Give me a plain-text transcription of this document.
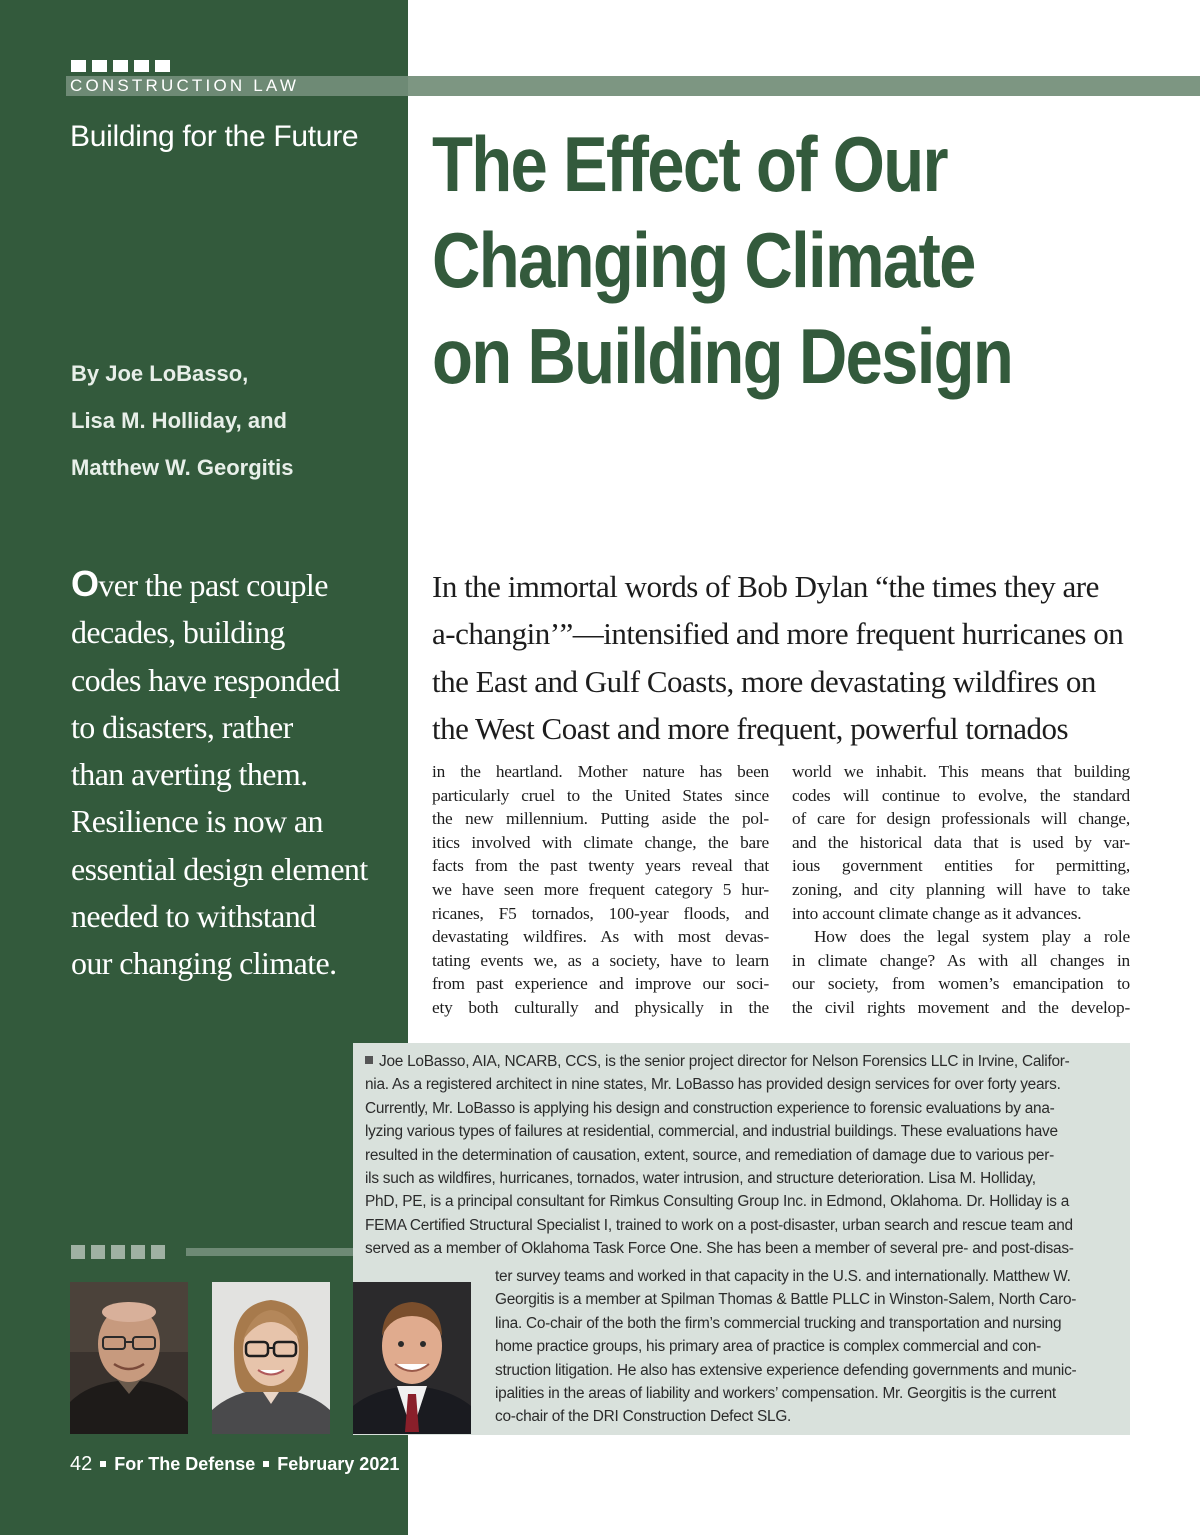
CONSTRUCTION LAW
Building for the Future The Effect of Our
Changing Climate
on Building Design
By Joe LoBasso,
Lisa M. Holliday, and
Matthew W. Georgitis
Over the past couple
decades, building
codes have responded
to disasters, rather
than averting them.
Resilience is now an
essential design element
needed to withstand
our changing climate.
In the immortal words of Bob Dylan “the times they are
a-changin’”—intensified and more frequent hurricanes on
the East and Gulf Coasts, more devastating wildfires on
the West Coast and more frequent, powerful tornados
in the heartland. Mother nature has been
particularly cruel to the United States since
the new millennium. Putting aside the pol-
itics involved with climate change, the bare
facts from the past twenty years reveal that
we have seen more frequent category 5 hur-
ricanes, F5 tornados, 100-year floods, and
devastating wildfires. As with most devas-
tating events we, as a society, have to learn
from past experience and improve our soci-
ety both culturally and physically in the
world we inhabit. This means that building
codes will continue to evolve, the standard
of care for design professionals will change,
and the historical data that is used by var-
ious government entities for permitting,
zoning, and city planning will have to take
into account climate change as it advances.
How does the legal system play a role
in climate change? As with all changes in
our society, from women’s emancipation to
the civil rights movement and the develop-
Joe LoBasso, AIA, NCARB, CCS, is the senior project director for Nelson Forensics LLC in Irvine, Califor-
nia. As a registered architect in nine states, Mr. LoBasso has provided design services for over forty years.
Currently, Mr. LoBasso is applying his design and construction experience to forensic evaluations by ana-
lyzing various types of failures at residential, commercial, and industrial buildings. These evaluations have
resulted in the determination of causation, extent, source, and remediation of damage due to various per-
ils such as wildfires, hurricanes, tornados, water intrusion, and structure deterioration. Lisa M. Holliday,
PhD, PE, is a principal consultant for Rimkus Consulting Group Inc. in Edmond, Oklahoma. Dr. Holliday is a
FEMA Certified Structural Specialist I, trained to work on a post-disaster, urban search and rescue team and
served as a member of Oklahoma Task Force One. She has been a member of several pre- and post-disas-
ter survey teams and worked in that capacity in the U.S. and internationally. Matthew W.
Georgitis is a member at Spilman Thomas & Battle PLLC in Winston-Salem, North Caro-
lina. Co-chair of the both the firm’s commercial trucking and transportation and nursing
home practice groups, his primary area of practice is complex commercial and con-
struction litigation. He also has extensive experience defending governments and munic-
ipalities in the areas of liability and workers’ compensation. Mr. Georgitis is the current
co-chair of the DRI Construction Defect SLG.
42 For The Defense February 2021
